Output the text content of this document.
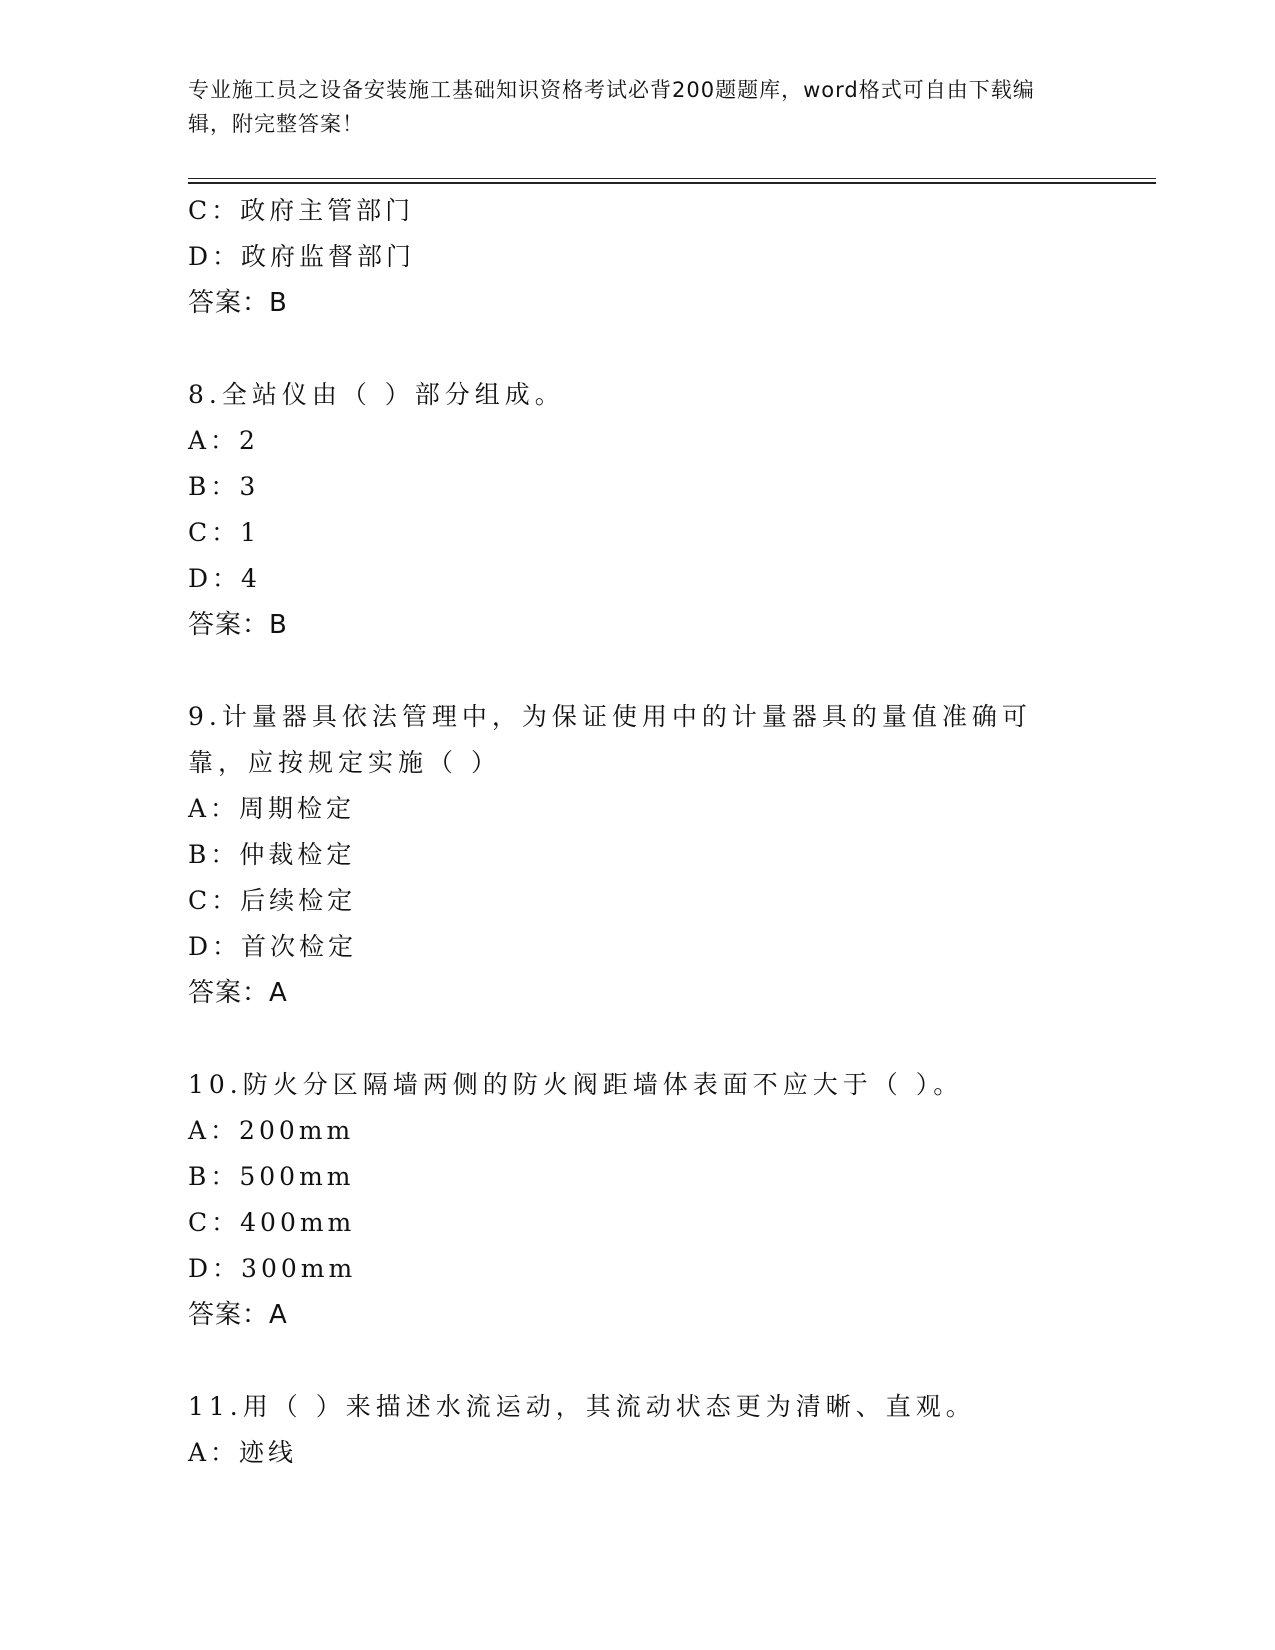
专业施工员之设备安装施工基础知识资格考试必背200题题库，word格式可自由下载编辑，附完整答案！
C：政府主管部门
D：政府监督部门
答案：B
8.全站仪由（ ）部分组成。
A：2
B：3
C：1
D：4
答案：B
9.计量器具依法管理中，为保证使用中的计量器具的量值准确可靠，应按规定实施（ ）
A：周期检定
B：仲裁检定
C：后续检定
D：首次检定
答案：A
10.防火分区隔墙两侧的防火阀距墙体表面不应大于（ ）。
A：200mm
B：500mm
C：400mm
D：300mm
答案：A
11.用（ ）来描述水流运动，其流动状态更为清晰、直观。
A：迹线
